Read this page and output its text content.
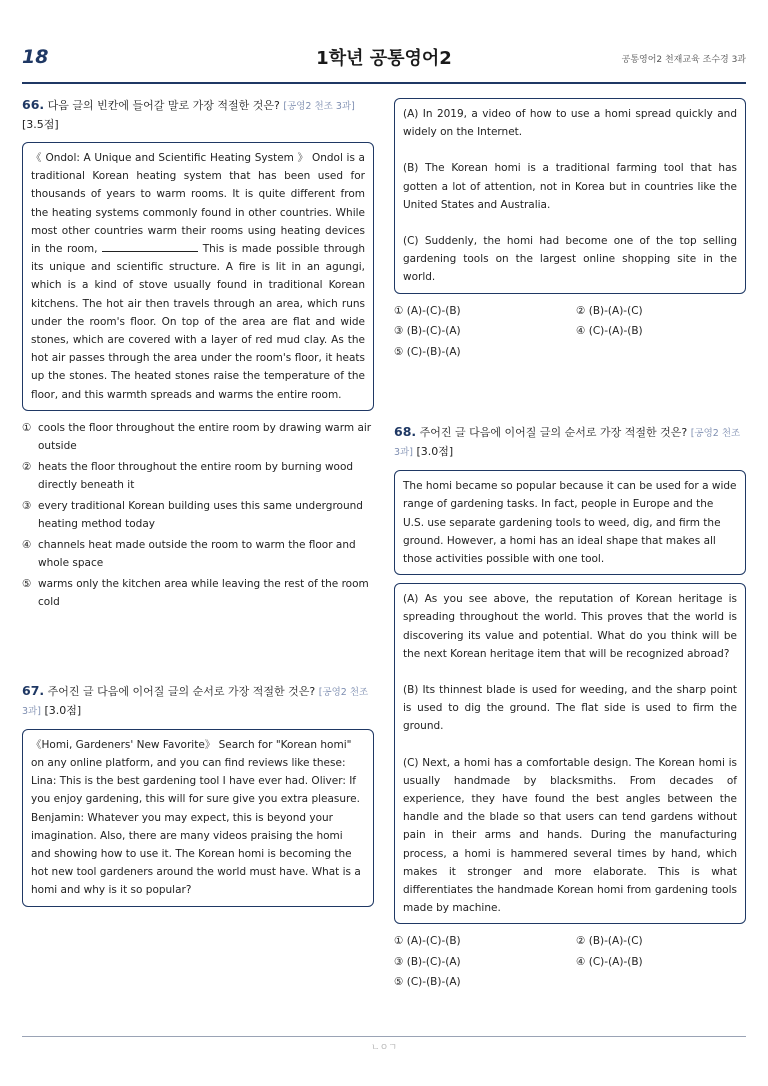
18	1학년 공통영어2	공통영어2 천재교육 조수경 3과
66. 다음 글의 빈칸에 들어갈 말로 가장 적절한 것은? [공영2 천조 3과] [3.5점]
《 Ondol: A Unique and Scientific Heating System 》 Ondol is a traditional Korean heating system that has been used for thousands of years to warm rooms. It is quite different from the heating systems commonly found in other countries. While most other countries warm their rooms using heating devices in the room,	This is made possible through its unique and scientific structure. A fire is lit in an agungi, which is a kind of stove usually found in traditional Korean kitchens. The hot air then travels through an area, which runs under the room's floor. On top of the area are flat and wide stones, which are covered with a layer of red mud clay. As the hot air passes through the area under the room's floor, it heats up the stones. The heated stones raise the temperature of the floor, and this warmth spreads and warms the entire room.
① cools the floor throughout the entire room by drawing warm air outside
② heats the floor throughout the entire room by burning wood directly beneath it
③ every traditional Korean building uses this same underground heating method today
④ channels heat made outside the room to warm the floor and whole space
⑤ warms only the kitchen area while leaving the rest of the room cold
67. 주어진 글 다음에 이어질 글의 순서로 가장 적절한 것은? [공영2 천조 3과] [3.0점]

《Homi, Gardeners' New Favorite》 Search for "Korean homi" on any online platform, and you can find reviews like these: Lina: This is the best gardening tool I have ever had. Oliver: If you enjoy gardening, this will for sure give you extra pleasure. Benjamin: Whatever you may expect, this is beyond your imagination. Also, there are many videos praising the homi and showing how to use it. The Korean homi is becoming the hot new tool gardeners around the world must have. What is a homi and why is it so popular?

(A) In 2019, a video of how to use a homi spread quickly and widely on the Internet.

(B) The Korean homi is a traditional farming tool that has gotten a lot of attention, not in Korea but in countries like the United States and Australia.

(C) Suddenly, the homi had become one of the top selling gardening tools on the largest online shopping site in the world.

① (A)-(C)-(B)	② (B)-(A)-(C)
③ (B)-(C)-(A)	④ (C)-(A)-(B)
⑤ (C)-(B)-(A)
68. 주어진 글 다음에 이어질 글의 순서로 가장 적절한 것은? [공영2 천조 3과] [3.0점]

The homi became so popular because it can be used for a wide range of gardening tasks. In fact, people in Europe and the U.S. use separate gardening tools to weed, dig, and firm the ground. However, a homi has an ideal shape that makes all those activities possible with one tool.

(A) As you see above, the reputation of Korean heritage is spreading throughout the world. This proves that the world is discovering its value and potential. What do you think will be the next Korean heritage item that will be recognized abroad?

(B) Its thinnest blade is used for weeding, and the sharp point is used to dig the ground. The flat side is used to firm the ground.

(C) Next, a homi has a comfortable design. The Korean homi is usually handmade by blacksmiths. From decades of experience, they have found the best angles between the handle and the blade so that users can tend gardens without pain in their arms and hands. During the manufacturing process, a homi is hammered several times by hand, which makes it stronger and more elaborate. This is what differentiates the handmade Korean homi from gardening tools made by machine.

① (A)-(C)-(B)	② (B)-(A)-(C)
③ (B)-(C)-(A)	④ (C)-(A)-(B)
⑤ (C)-(B)-(A)
ㄴㅇㄱ
